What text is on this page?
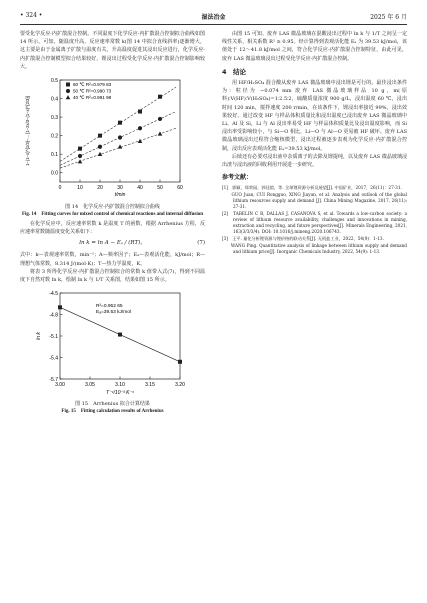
• 324 •	湿法冶金	2025 年 6 月

要受化学反应-内扩散混合控制。不同温度下化学反应-内扩散混合控制拟合曲线如图 14 所示。可知，随温度升高，反应速率常数 k(图 14 中拟合直线斜率)逐渐增大，这主要是由于金属离子扩散与温度有关，升高温度促进其浸出反应进行，化学反应-内扩散混合控制模型拟合结果较好，锂浸出过程受化学反应-内扩散混合控制影响较大。

0	10	20	30	40	50	60
0.0
0.1
0.2
0.3
0.4
0.5
t/min
1−(1−x)^{1/3}−... [1−2x/3−(1−x)^{2/3}]
60 ℃ R²=0.979 83
50 ℃ R²=0.990 73
40 ℃ R²=0.991 98
图 14　化学反应-内扩散混合控制拟合曲线
Fig. 14　Fitting curves for mixed control of chemical reactions and internal diffusion

在化学反应中，反应速率常数 k 是温度 T 的函数，根据 Arrhenius 方程，反应速率常数随温度变化关系如下：

ln k = ln A − Eₐ / (RT)。	(7)

式中：k—表观速率常数，min⁻¹；A—频率因子；Eₐ—表观活化能，kJ/mol；R—理想气体常数，8.314 J/(mol·K)；T—热力学温度，K。

将表 3 所得化学反应-内扩散混合控制拟合的常数 k 值带入式(7)，得到不同温度下自然对数 ln k，绘制 ln k 与 1/T 关系图，结果如图 15 所示。

3.00	3.05	3.10	3.15	3.20
-4.5
-4.8
-5.1
-5.4
-5.7
T⁻¹/10⁻³ K⁻¹
ln k
R²=0.952 65
Eₐ=39.53 kJ/mol
图 15　Arrhenius 拟合计算结果
Fig. 15　Fitting calculation results of Arrhenius

由图 15 可知，废弃 LAS 微晶玻璃在混酸浸出过程中 ln k 与 1/T 之间呈一定线性关系，相关系数 R² ≥ 0.95。经计算得到表观活化能 Eₐ 为 39.53 kJ/mol，该值处于 12～41.8 kJ/mol 之间，符合化学反应-内扩散混合控制特征，由此可见，废弃 LAS 微晶玻璃浸出过程受化学反应-内扩散混合控制。

4　结论

用 HF/H₂SO₄ 混合酸从废弃 LAS 微晶玻璃中浸出锂是可行的。最佳浸出条件为：粒径为 −0.074 mm 废弃 LAS 微晶玻璃样品 10 g，m(原料)∶V(HF)∶V(H₂SO₄)=1∶2.5∶2，硫酸质量浓度 900 g/L，浸出温度 60 ℃，浸出时间 120 min，搅拌速度 200 r/min，在该条件下，锂浸出率接近 99%，浸出效果较好。通过改变 HF 与样品体积质量比和浸出温度已浸出废弃 LAS 微晶玻璃中 Li、Al 及 Si，Li 与 Al 浸出率易受 HF 与样品体积质量比及浸出温度影响，而 Si 浸出率受影响较小，与 Si—O 相比，Li—O 与 Al—O 更易被 HF 破坏。废弃 LAS 微晶玻璃浸出过程符合缩核模型，浸出过程被逐步表观为化学反应-内扩散混合控制，浸出反应表观活化能 Eₐ=39.53 kJ/mol。

后续还有必要对浸出液中杂质离子的去除及锂提纯，以及废弃 LAS 微晶玻璃浸出渣与浸出液的回收利用开展进一步研究。

参考文献：
[1]　郭颖，郑荣园，郭佳韵，等. 全球锂资源分析及展望[J]. 中国矿业，2017，26(11)：27-31.
　　GUO Juan, CUI Rongguo, XING Jiayun, et al. Analysis and outlook of the global lithium resources supply and demand [J]. China Mining Magazine, 2017, 26(11): 27-31.
[2]　TABELIN C B, DALLAS J, CASANOVA S, et al. Towards a low-carbon society: a review of lithium resource availability, challenges and innovations in mining, extraction and recycling, and future perspectives[J]. Minerals Engineering, 2021, 163(3/3/3/4). DOI: 10.1016/j.mineng.2020.106743.
[3]　王平. 量化分析锂资源与锂价格的联动关系[J]. 无机盐工业，2022，54(9)：1-13.
　　WANG Ping. Quantitative analysis of linkage between lithium supply and demand and lithium price[J]. Inorganic Chemicals Industry, 2022, 54(9): 1-13.
